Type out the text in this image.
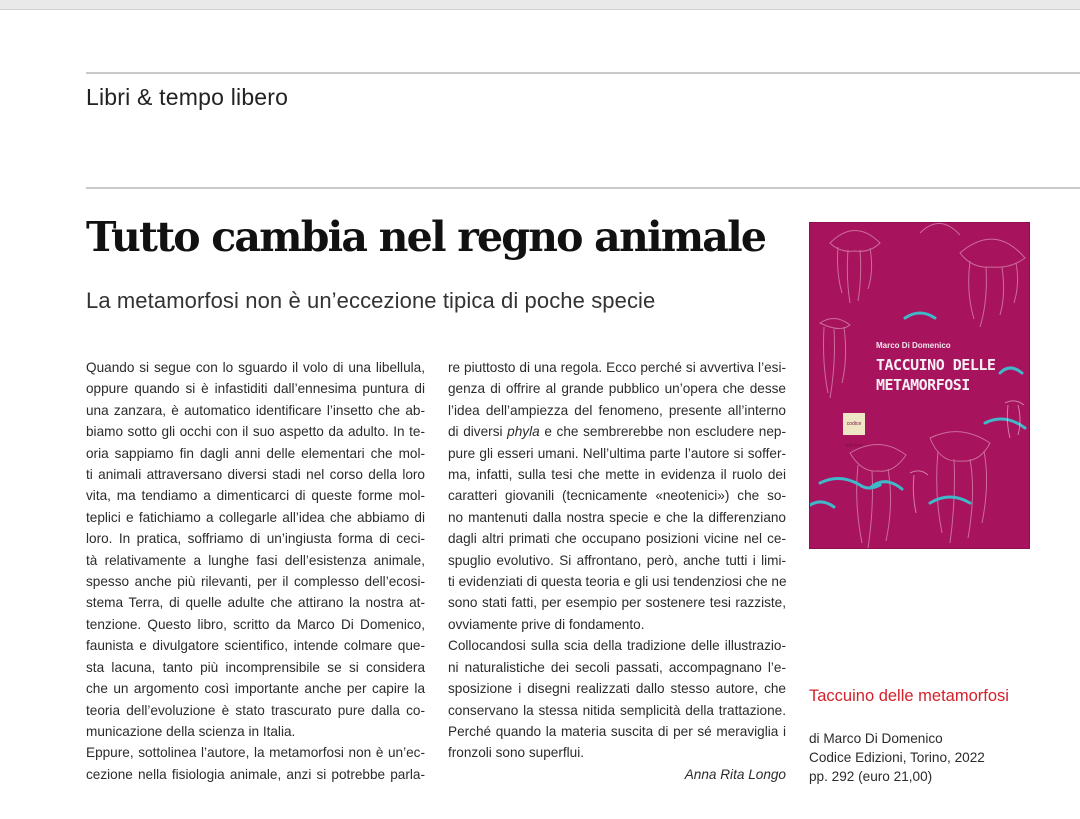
Libri & tempo libero
Tutto cambia nel regno animale
La metamorfosi non è un’eccezione tipica di poche specie
Quando si segue con lo sguardo il volo di una libellula,
oppure quando si è infastiditi dall’ennesima puntura di
una zanzara, è automatico identificare l’insetto che ab-
biamo sotto gli occhi con il suo aspetto da adulto. In te-
oria sappiamo fin dagli anni delle elementari che mol-
ti animali attraversano diversi stadi nel corso della loro
vita, ma tendiamo a dimenticarci di queste forme mol-
teplici e fatichiamo a collegarle all’idea che abbiamo di
loro. In pratica, soffriamo di un’ingiusta forma di ceci-
tà relativamente a lunghe fasi dell’esistenza animale,
spesso anche più rilevanti, per il complesso dell’ecosi-
stema Terra, di quelle adulte che attirano la nostra at-
tenzione. Questo libro, scritto da Marco Di Domenico,
faunista e divulgatore scientifico, intende colmare que-
sta lacuna, tanto più incomprensibile se si considera
che un argomento così importante anche per capire la
teoria dell’evoluzione è stato trascurato pure dalla co-
municazione della scienza in Italia.
Eppure, sottolinea l’autore, la metamorfosi non è un’ec-
cezione nella fisiologia animale, anzi si potrebbe parla-
re piuttosto di una regola. Ecco perché si avvertiva l’esi-
genza di offrire al grande pubblico un’opera che desse
l’idea dell’ampiezza del fenomeno, presente all’interno
di diversi phyla e che sembrerebbe non escludere nep-
pure gli esseri umani. Nell’ultima parte l’autore si soffer-
ma, infatti, sulla tesi che mette in evidenza il ruolo dei
caratteri giovanili (tecnicamente «neotenici») che so-
no mantenuti dalla nostra specie e che la differenziano
dagli altri primati che occupano posizioni vicine nel ce-
spuglio evolutivo. Si affrontano, però, anche tutti i limi-
ti evidenziati di questa teoria e gli usi tendenziosi che ne
sono stati fatti, per esempio per sostenere tesi razziste,
ovviamente prive di fondamento.
Collocandosi sulla scia della tradizione delle illustrazio-
ni naturalistiche dei secoli passati, accompagnano l’e-
sposizione i disegni realizzati dallo stesso autore, che
conservano la stessa nitida semplicità della trattazione.
Perché quando la materia suscita di per sé meraviglia i
fronzoli sono superflui.
Anna Rita Longo
Marco Di Domenico
TACCUINO DELLE
METAMORFOSI
codice edizioni
Taccuino delle metamorfosi
di Marco Di Domenico
Codice Edizioni, Torino, 2022
pp. 292 (euro 21,00)
